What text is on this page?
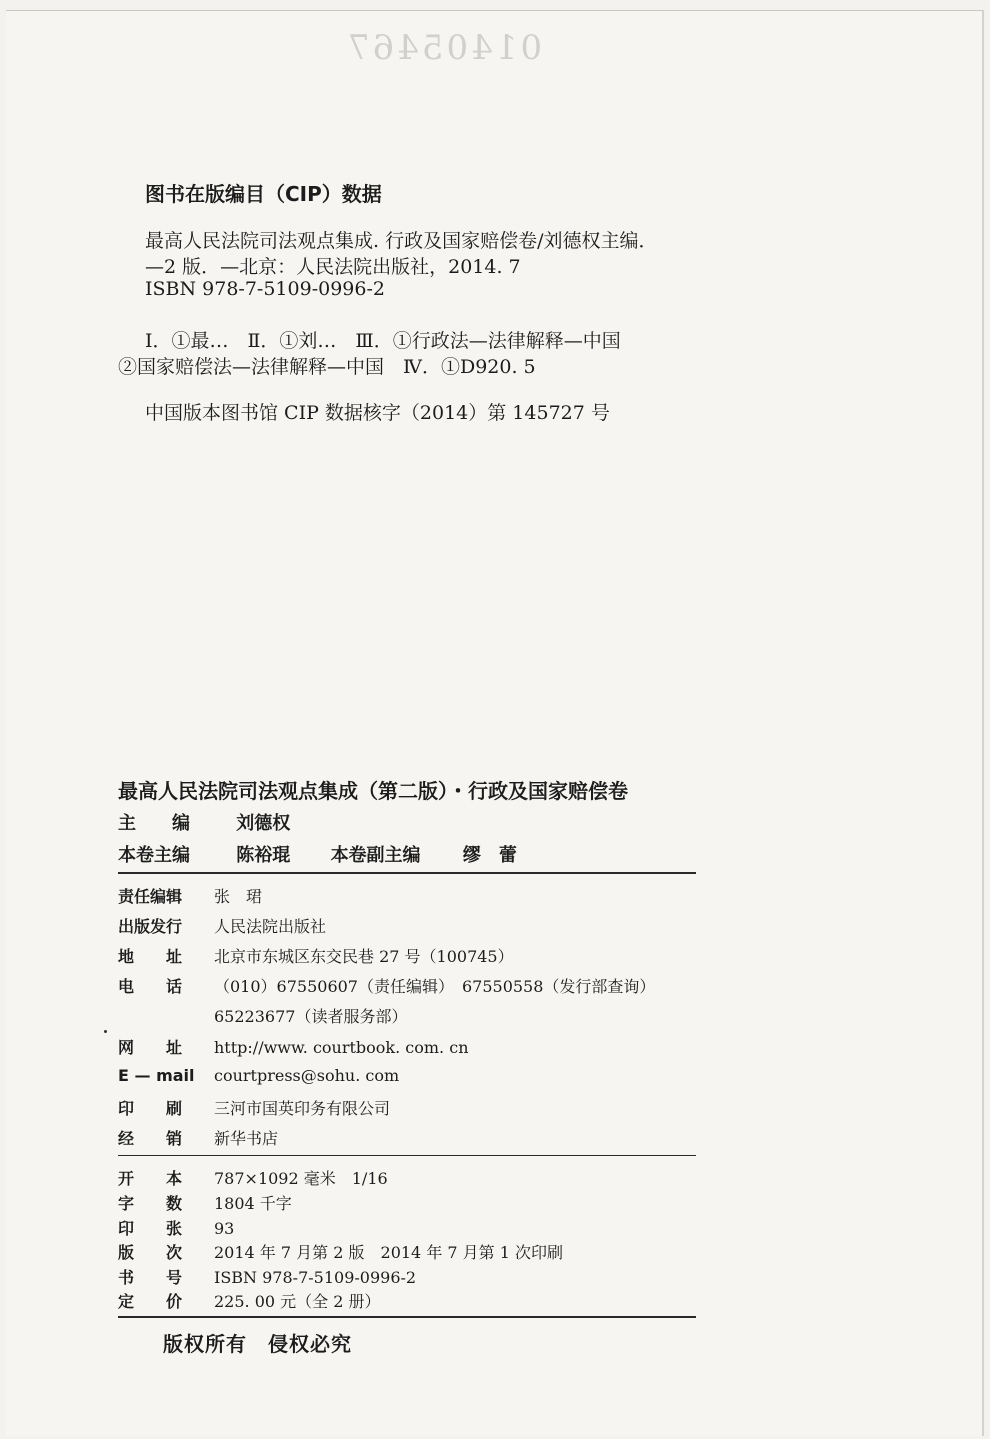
01405467
图书在版编目（CIP）数据
最高人民法院司法观点集成. 行政及国家赔偿卷/刘德权主编．
—2 版．—北京：人民法院出版社，2014. 7
ISBN 978-7-5109-0996-2
Ⅰ．①最…　Ⅱ．①刘…　Ⅲ．①行政法—法律解释—中国
②国家赔偿法—法律解释—中国　Ⅳ．①D920. 5
中国版本图书馆 CIP 数据核字（2014）第 145727 号
最高人民法院司法观点集成（第二版）・行政及国家赔偿卷
主　　编	刘德权
本卷主编	陈裕琨 本卷副主编 缪　蕾
责任编辑 张　珺
出版发行 人民法院出版社
地　　址 北京市东城区东交民巷 27 号（100745）
电　　话 （010）67550607（责任编辑）　67550558（发行部查询）
65223677（读者服务部）
网　　址 http://www. courtbook. com. cn
E — mail courtpress@sohu. com
印　　刷 三河市国英印务有限公司
经　　销 新华书店
开　　本 787×1092 毫米　1/16
字　　数 1804 千字
印　　张 93
版　　次 2014 年 7 月第 2 版　2014 年 7 月第 1 次印刷
书　　号 ISBN 978-7-5109-0996-2
定　　价 225. 00 元（全 2 册）
版权所有　侵权必究
